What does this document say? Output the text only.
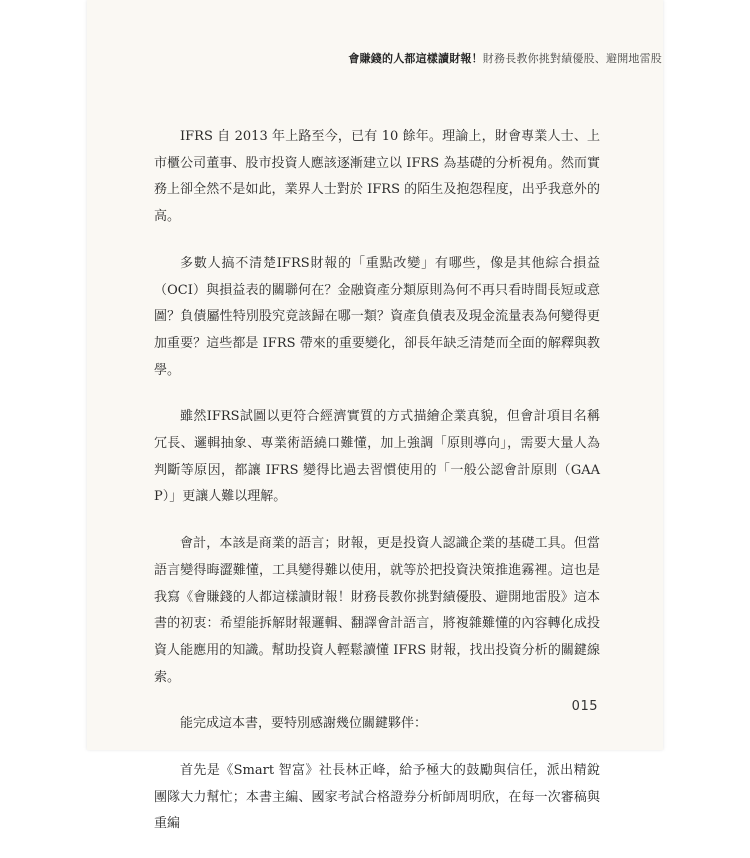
會賺錢的人都這樣讀財報！財務長教你挑對績優股、避開地雷股

IFRS 自 2013 年上路至今，已有 10 餘年。理論上，財會專業人士、上市櫃公司董事、股市投資人應該逐漸建立以 IFRS 為基礎的分析視角。然而實務上卻全然不是如此，業界人士對於 IFRS 的陌生及抱怨程度，出乎我意外的高。

多數人搞不清楚IFRS財報的「重點改變」有哪些，像是其他綜合損益（OCI）與損益表的關聯何在？金融資產分類原則為何不再只看時間長短或意圖？負債屬性特別股究竟該歸在哪一類？資產負債表及現金流量表為何變得更加重要？這些都是 IFRS 帶來的重要變化，卻長年缺乏清楚而全面的解釋與教學。

雖然IFRS試圖以更符合經濟實質的方式描繪企業真貌，但會計項目名稱冗長、邏輯抽象、專業術語繞口難懂，加上強調「原則導向」，需要大量人為判斷等原因，都讓 IFRS 變得比過去習慣使用的「一般公認會計原則（GAAP）」更讓人難以理解。

會計，本該是商業的語言；財報，更是投資人認識企業的基礎工具。但當語言變得晦澀難懂，工具變得難以使用，就等於把投資決策推進霧裡。這也是我寫《會賺錢的人都這樣讀財報！財務長教你挑對績優股、避開地雷股》這本書的初衷：希望能拆解財報邏輯、翻譯會計語言，將複雜難懂的內容轉化成投資人能應用的知識。幫助投資人輕鬆讀懂 IFRS 財報，找出投資分析的關鍵線索。

能完成這本書，要特別感謝幾位關鍵夥伴：

首先是《Smart 智富》社長林正峰，給予極大的鼓勵與信任，派出精銳團隊大力幫忙；本書主編、國家考試合格證券分析師周明欣，在每一次審稿與重編

015
